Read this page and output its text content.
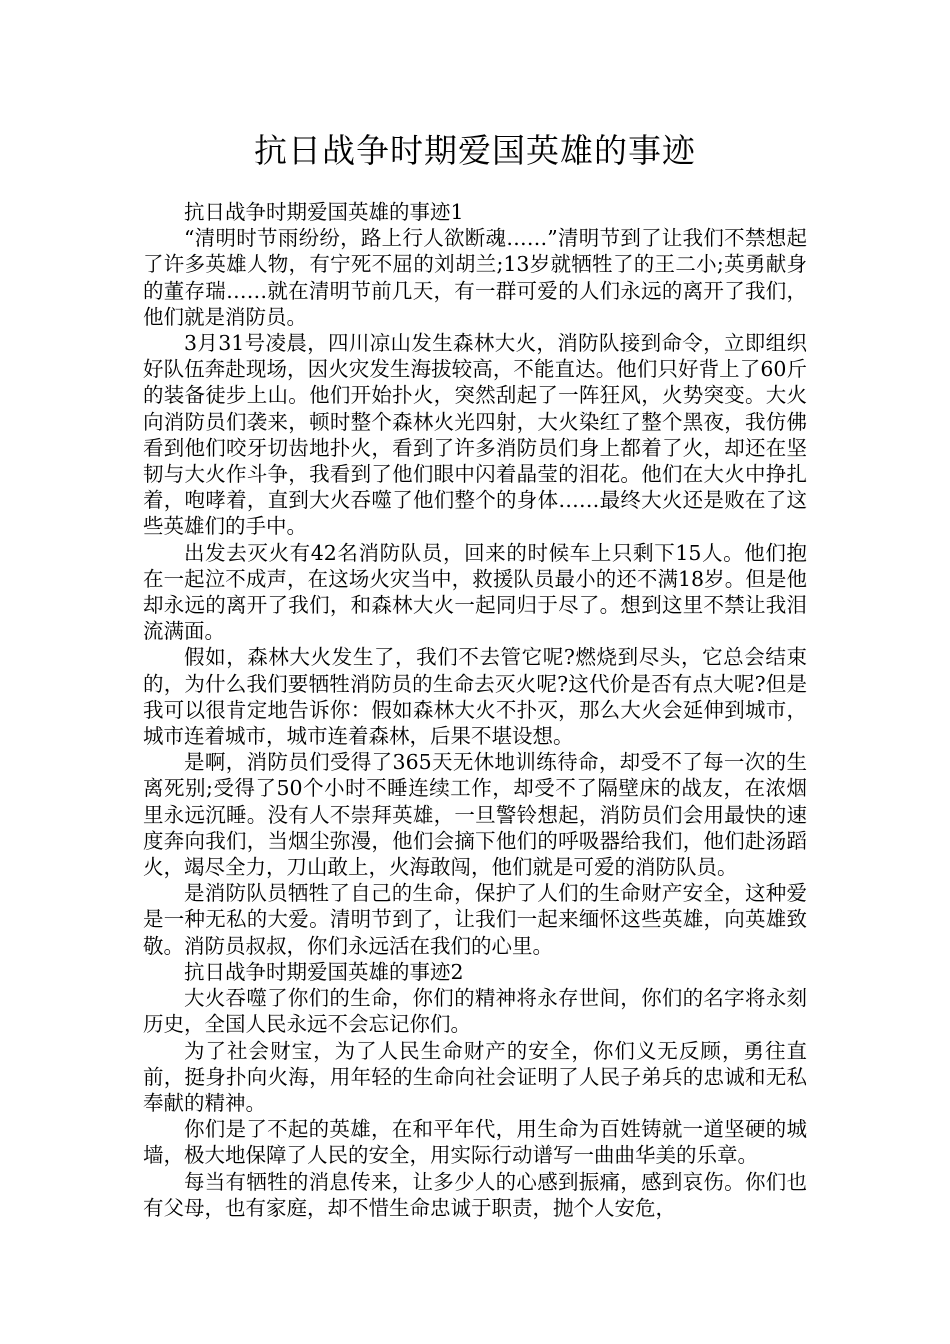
抗日战争时期爱国英雄的事迹

抗日战争时期爱国英雄的事迹1

“清明时节雨纷纷，路上行人欲断魂……”清明节到了让我们不禁想起了许多英雄人物，有宁死不屈的刘胡兰;13岁就牺牲了的王二小;英勇献身的董存瑞……就在清明节前几天，有一群可爱的人们永远的离开了我们，他们就是消防员。

3月31号凌晨，四川凉山发生森林大火，消防队接到命令，立即组织好队伍奔赴现场，因火灾发生海拔较高，不能直达。他们只好背上了60斤的装备徒步上山。他们开始扑火，突然刮起了一阵狂风，火势突变。大火向消防员们袭来，顿时整个森林火光四射，大火染红了整个黑夜，我仿佛看到他们咬牙切齿地扑火，看到了许多消防员们身上都着了火，却还在坚韧与大火作斗争，我看到了他们眼中闪着晶莹的泪花。他们在大火中挣扎着，咆哮着，直到大火吞噬了他们整个的身体……最终大火还是败在了这些英雄们的手中。

出发去灭火有42名消防队员，回来的时候车上只剩下15人。他们抱在一起泣不成声，在这场火灾当中，救援队员最小的还不满18岁。但是他却永远的离开了我们，和森林大火一起同归于尽了。想到这里不禁让我泪流满面。

假如，森林大火发生了，我们不去管它呢?燃烧到尽头，它总会结束的，为什么我们要牺牲消防员的生命去灭火呢?这代价是否有点大呢?但是我可以很肯定地告诉你：假如森林大火不扑灭，那么大火会延伸到城市，城市连着城市，城市连着森林，后果不堪设想。

是啊，消防员们受得了365天无休地训练待命，却受不了每一次的生离死别;受得了50个小时不睡连续工作，却受不了隔壁床的战友，在浓烟里永远沉睡。没有人不崇拜英雄，一旦警铃想起，消防员们会用最快的速度奔向我们，当烟尘弥漫，他们会摘下他们的呼吸器给我们，他们赴汤蹈火，竭尽全力，刀山敢上，火海敢闯，他们就是可爱的消防队员。

是消防队员牺牲了自己的生命，保护了人们的生命财产安全，这种爱是一种无私的大爱。清明节到了，让我们一起来缅怀这些英雄，向英雄致敬。消防员叔叔，你们永远活在我们的心里。

抗日战争时期爱国英雄的事迹2

大火吞噬了你们的生命，你们的精神将永存世间，你们的名字将永刻历史，全国人民永远不会忘记你们。

为了社会财宝，为了人民生命财产的安全，你们义无反顾，勇往直前，挺身扑向火海，用年轻的生命向社会证明了人民子弟兵的忠诚和无私奉献的精神。

你们是了不起的英雄，在和平年代，用生命为百姓铸就一道坚硬的城墙，极大地保障了人民的安全，用实际行动谱写一曲曲华美的乐章。

每当有牺牲的消息传来，让多少人的心感到振痛，感到哀伤。你们也有父母，也有家庭，却不惜生命忠诚于职责，抛个人安危，
